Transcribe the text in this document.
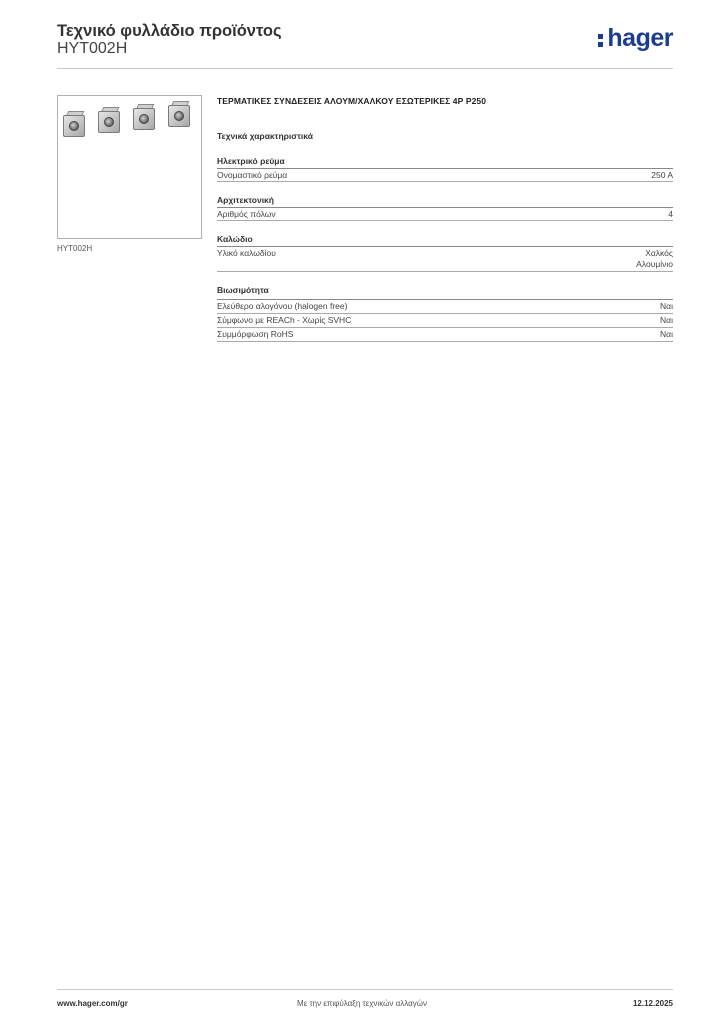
Τεχνικό φυλλάδιο προϊόντος
HYT002H	hager
HYT002H
ΤΕΡΜΑΤΙΚΕΣ ΣΥΝΔΕΣΕΙΣ ΑΛΟΥΜ/ΧΑΛΚΟΥ ΕΣΩΤΕΡΙΚΕΣ 4Ρ Ρ250
Τεχνικά χαρακτηριστικά
Ηλεκτρικό ρεύμα
Ονομαστικό ρεύμα	250 A
Αρχιτεκτονική
Αριθμός πόλων	4
Καλώδιο
Υλικό καλωδίου	Χαλκός
Αλουμίνιο
Βιωσιμότητα
Ελεύθερο αλογόνου (halogen free)	Ναι
Σύμφωνο με REACh - Χωρίς SVHC	Ναι
Συμμόρφωση RoHS	Ναι
www.hager.com/gr	Με την επιφύλαξη τεχνικών αλλαγών	12.12.2025
